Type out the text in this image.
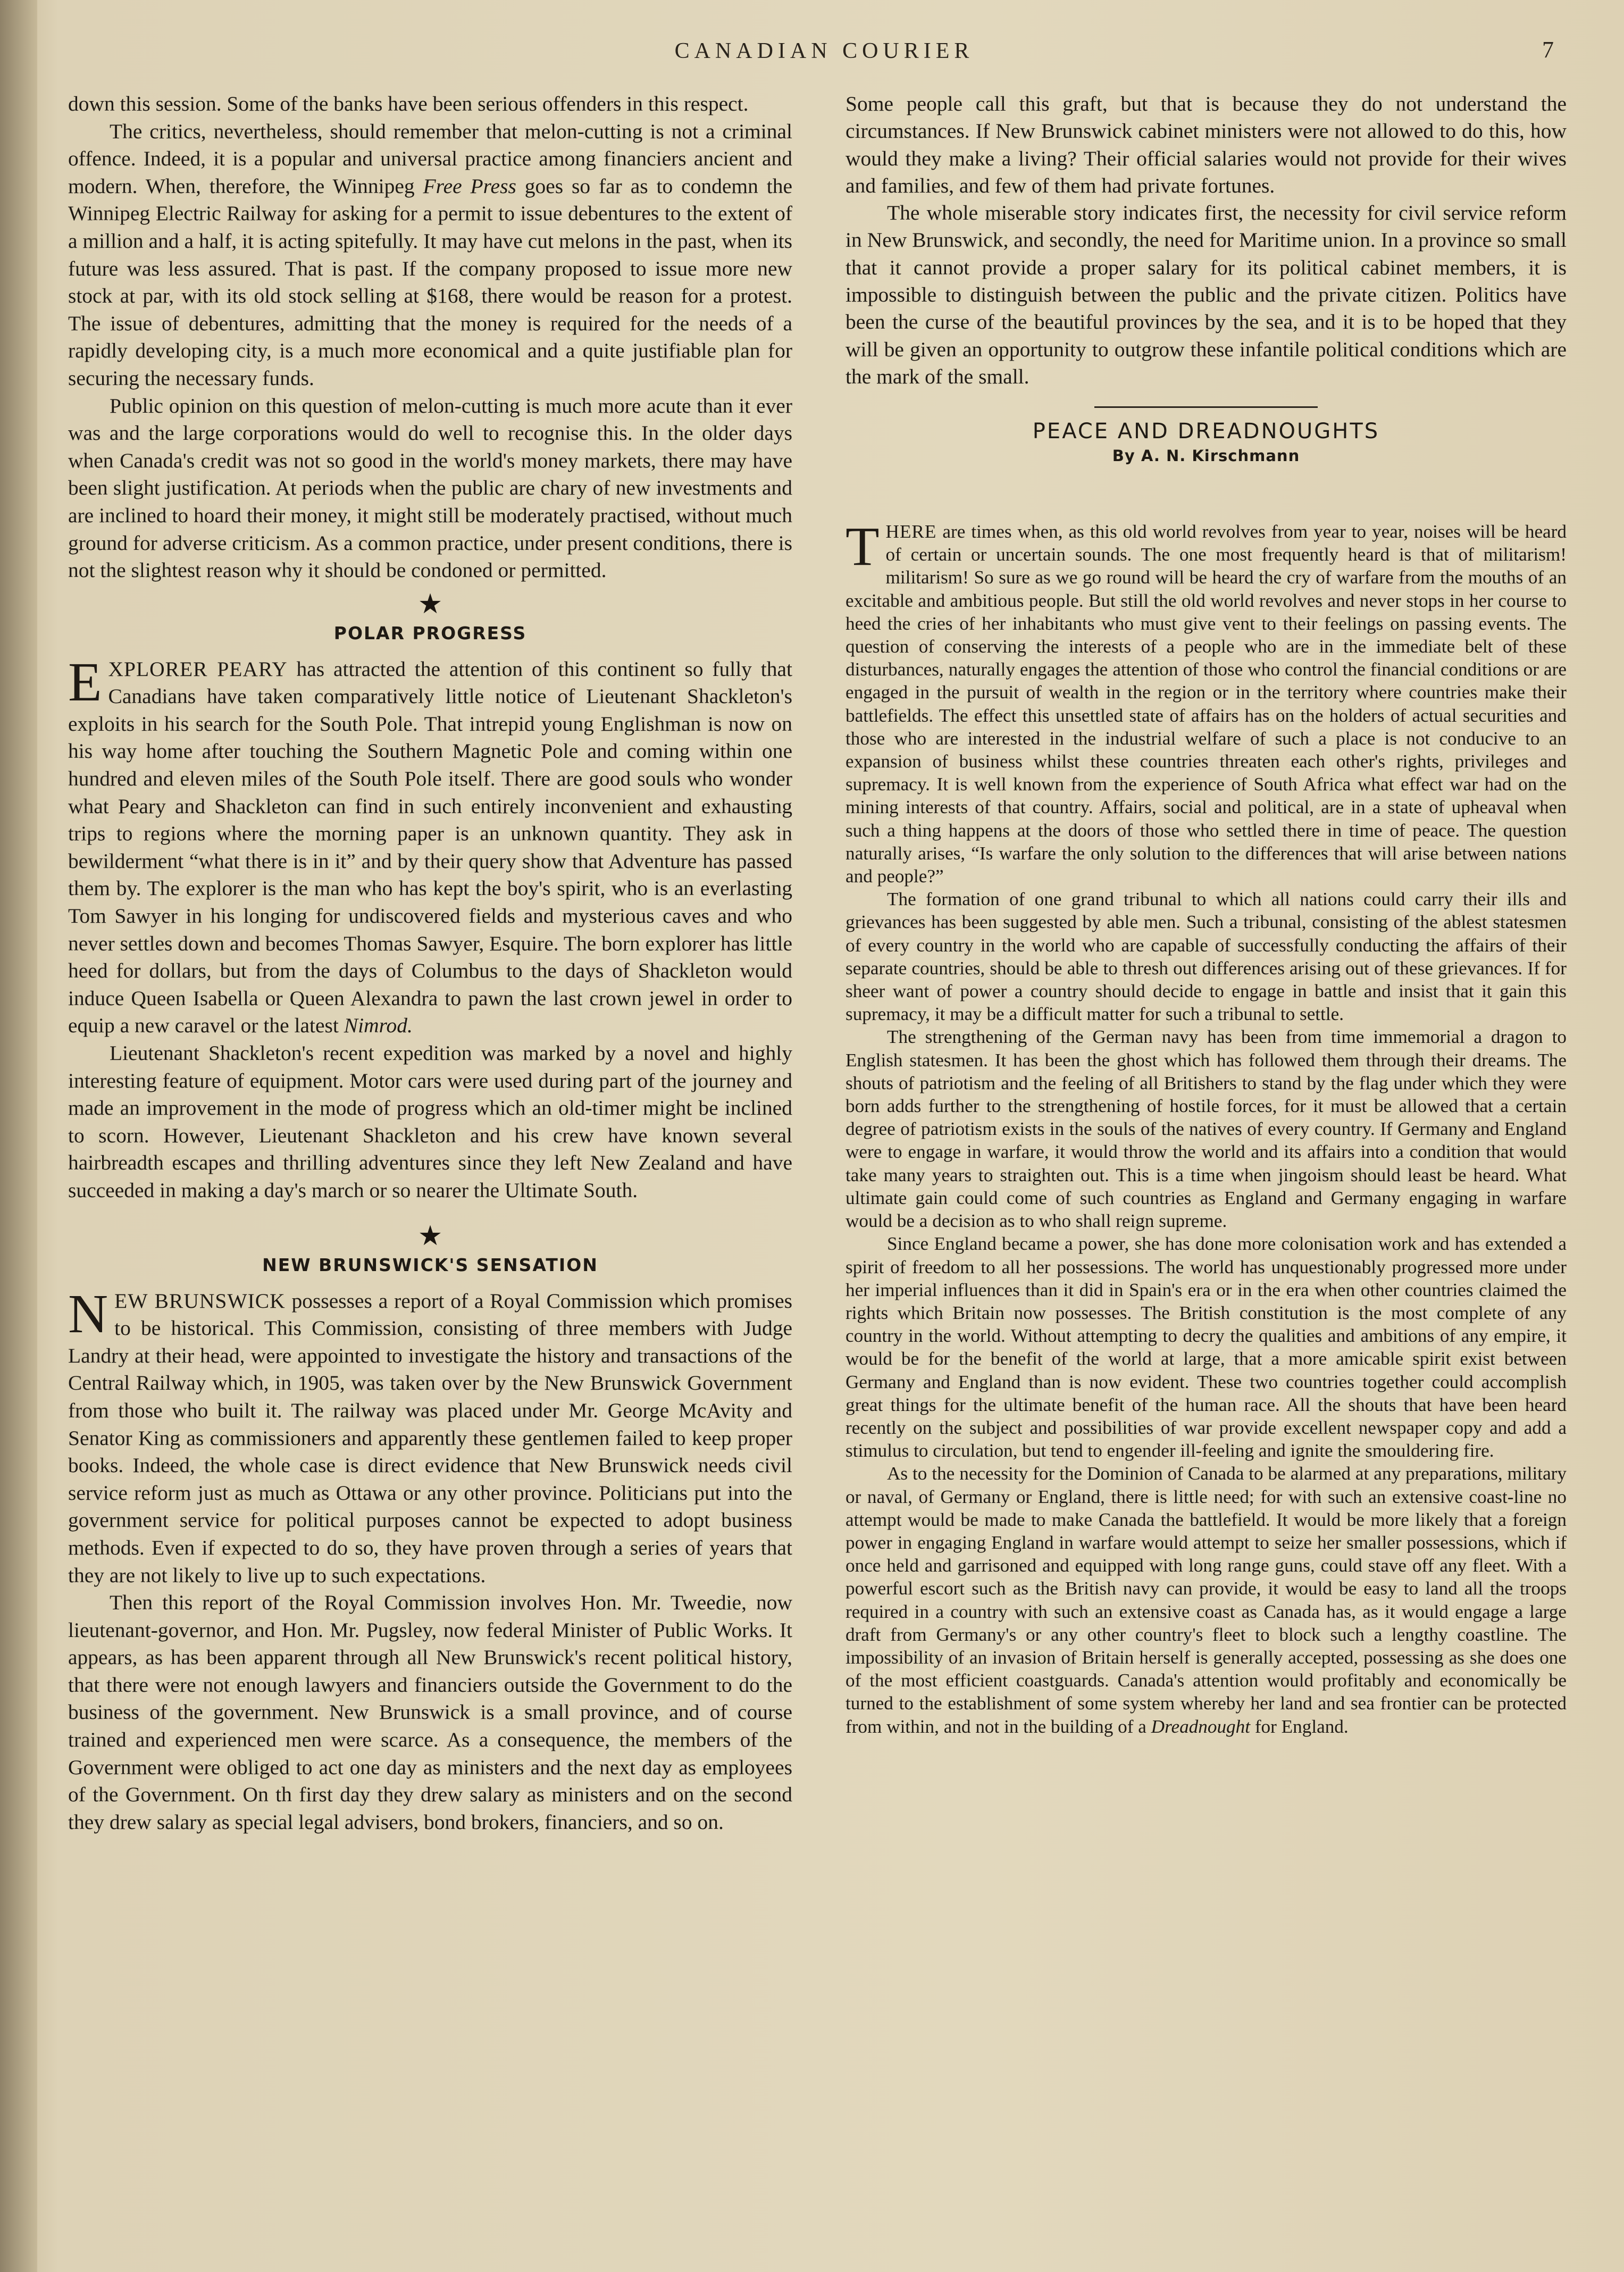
CANADIAN COURIER	7

down this session. Some of the banks have been serious offenders in this respect.

The critics, nevertheless, should remember that melon-cutting is not a criminal offence. Indeed, it is a popular and universal practice among financiers ancient and modern. When, therefore, the Winnipeg Free Press goes so far as to condemn the Winnipeg Electric Railway for asking for a permit to issue debentures to the extent of a million and a half, it is acting spitefully. It may have cut melons in the past, when its future was less assured. That is past. If the company proposed to issue more new stock at par, with its old stock selling at $168, there would be reason for a protest. The issue of debentures, admitting that the money is required for the needs of a rapidly developing city, is a much more economical and a quite justifiable plan for securing the necessary funds.

Public opinion on this question of melon-cutting is much more acute than it ever was and the large corporations would do well to recognise this. In the older days when Canada's credit was not so good in the world's money markets, there may have been slight justification. At periods when the public are chary of new investments and are inclined to hoard their money, it might still be moderately practised, without much ground for adverse criticism. As a common practice, under present conditions, there is not the slightest reason why it should be condoned or permitted.

★
POLAR PROGRESS

EXPLORER PEARY has attracted the attention of this continent so fully that Canadians have taken comparatively little notice of Lieutenant Shackleton's exploits in his search for the South Pole. That intrepid young Englishman is now on his way home after touching the Southern Magnetic Pole and coming within one hundred and eleven miles of the South Pole itself. There are good souls who wonder what Peary and Shackleton can find in such entirely inconvenient and exhausting trips to regions where the morning paper is an unknown quantity. They ask in bewilderment “what there is in it” and by their query show that Adventure has passed them by. The explorer is the man who has kept the boy's spirit, who is an everlasting Tom Sawyer in his longing for undiscovered fields and mysterious caves and who never settles down and becomes Thomas Sawyer, Esquire. The born explorer has little heed for dollars, but from the days of Columbus to the days of Shackleton would induce Queen Isabella or Queen Alexandra to pawn the last crown jewel in order to equip a new caravel or the latest Nimrod.

Lieutenant Shackleton's recent expedition was marked by a novel and highly interesting feature of equipment. Motor cars were used during part of the journey and made an improvement in the mode of progress which an old-timer might be inclined to scorn. However, Lieutenant Shackleton and his crew have known several hairbreadth escapes and thrilling adventures since they left New Zealand and have succeeded in making a day's march or so nearer the Ultimate South.

★
NEW BRUNSWICK'S SENSATION

NEW BRUNSWICK possesses a report of a Royal Commission which promises to be historical. This Commission, consisting of three members with Judge Landry at their head, were appointed to investigate the history and transactions of the Central Railway which, in 1905, was taken over by the New Brunswick Government from those who built it. The railway was placed under Mr. George McAvity and Senator King as commissioners and apparently these gentlemen failed to keep proper books. Indeed, the whole case is direct evidence that New Brunswick needs civil service reform just as much as Ottawa or any other province. Politicians put into the government service for political purposes cannot be expected to adopt business methods. Even if expected to do so, they have proven through a series of years that they are not likely to live up to such expectations.

Then this report of the Royal Commission involves Hon. Mr. Tweedie, now lieutenant-governor, and Hon. Mr. Pugsley, now federal Minister of Public Works. It appears, as has been apparent through all New Brunswick's recent political history, that there were not enough lawyers and financiers outside the Government to do the business of the government. New Brunswick is a small province, and of course trained and experienced men were scarce. As a consequence, the members of the Government were obliged to act one day as ministers and the next day as employees of the Government. On th first day they drew salary as ministers and on the second they drew salary as special legal advisers, bond brokers, financiers, and so on.

Some people call this graft, but that is because they do not understand the circumstances. If New Brunswick cabinet ministers were not allowed to do this, how would they make a living? Their official salaries would not provide for their wives and families, and few of them had private fortunes.

The whole miserable story indicates first, the necessity for civil service reform in New Brunswick, and secondly, the need for Maritime union. In a province so small that it cannot provide a proper salary for its political cabinet members, it is impossible to distinguish between the public and the private citizen. Politics have been the curse of the beautiful provinces by the sea, and it is to be hoped that they will be given an opportunity to outgrow these infantile political conditions which are the mark of the small.

PEACE AND DREADNOUGHTS
By A. N. Kirschmann

THERE are times when, as this old world revolves from year to year, noises will be heard of certain or uncertain sounds. The one most frequently heard is that of militarism! militarism! So sure as we go round will be heard the cry of warfare from the mouths of an excitable and ambitious people. But still the old world revolves and never stops in her course to heed the cries of her inhabitants who must give vent to their feelings on passing events. The question of conserving the interests of a people who are in the immediate belt of these disturbances, naturally engages the attention of those who control the financial conditions or are engaged in the pursuit of wealth in the region or in the territory where countries make their battlefields. The effect this unsettled state of affairs has on the holders of actual securities and those who are interested in the industrial welfare of such a place is not conducive to an expansion of business whilst these countries threaten each other's rights, privileges and supremacy. It is well known from the experience of South Africa what effect war had on the mining interests of that country. Affairs, social and political, are in a state of upheaval when such a thing happens at the doors of those who settled there in time of peace. The question naturally arises, “Is warfare the only solution to the differences that will arise between nations and people?”

The formation of one grand tribunal to which all nations could carry their ills and grievances has been suggested by able men. Such a tribunal, consisting of the ablest statesmen of every country in the world who are capable of successfully conducting the affairs of their separate countries, should be able to thresh out differences arising out of these grievances. If for sheer want of power a country should decide to engage in battle and insist that it gain this supremacy, it may be a difficult matter for such a tribunal to settle.

The strengthening of the German navy has been from time immemorial a dragon to English statesmen. It has been the ghost which has followed them through their dreams. The shouts of patriotism and the feeling of all Britishers to stand by the flag under which they were born adds further to the strengthening of hostile forces, for it must be allowed that a certain degree of patriotism exists in the souls of the natives of every country. If Germany and England were to engage in warfare, it would throw the world and its affairs into a condition that would take many years to straighten out. This is a time when jingoism should least be heard. What ultimate gain could come of such countries as England and Germany engaging in warfare would be a decision as to who shall reign supreme.

Since England became a power, she has done more colonisation work and has extended a spirit of freedom to all her possessions. The world has unquestionably progressed more under her imperial influences than it did in Spain's era or in the era when other countries claimed the rights which Britain now possesses. The British constitution is the most complete of any country in the world. Without attempting to decry the qualities and ambitions of any empire, it would be for the benefit of the world at large, that a more amicable spirit exist between Germany and England than is now evident. These two countries together could accomplish great things for the ultimate benefit of the human race. All the shouts that have been heard recently on the subject and possibilities of war provide excellent newspaper copy and add a stimulus to circulation, but tend to engender ill-feeling and ignite the smouldering fire.

As to the necessity for the Dominion of Canada to be alarmed at any preparations, military or naval, of Germany or England, there is little need; for with such an extensive coast-line no attempt would be made to make Canada the battlefield. It would be more likely that a foreign power in engaging England in warfare would attempt to seize her smaller possessions, which if once held and garrisoned and equipped with long range guns, could stave off any fleet. With a powerful escort such as the British navy can provide, it would be easy to land all the troops required in a country with such an extensive coast as Canada has, as it would engage a large draft from Germany's or any other country's fleet to block such a lengthy coastline. The impossibility of an invasion of Britain herself is generally accepted, possessing as she does one of the most efficient coastguards. Canada's attention would profitably and economically be turned to the establishment of some system whereby her land and sea frontier can be protected from within, and not in the building of a Dreadnought for England.
